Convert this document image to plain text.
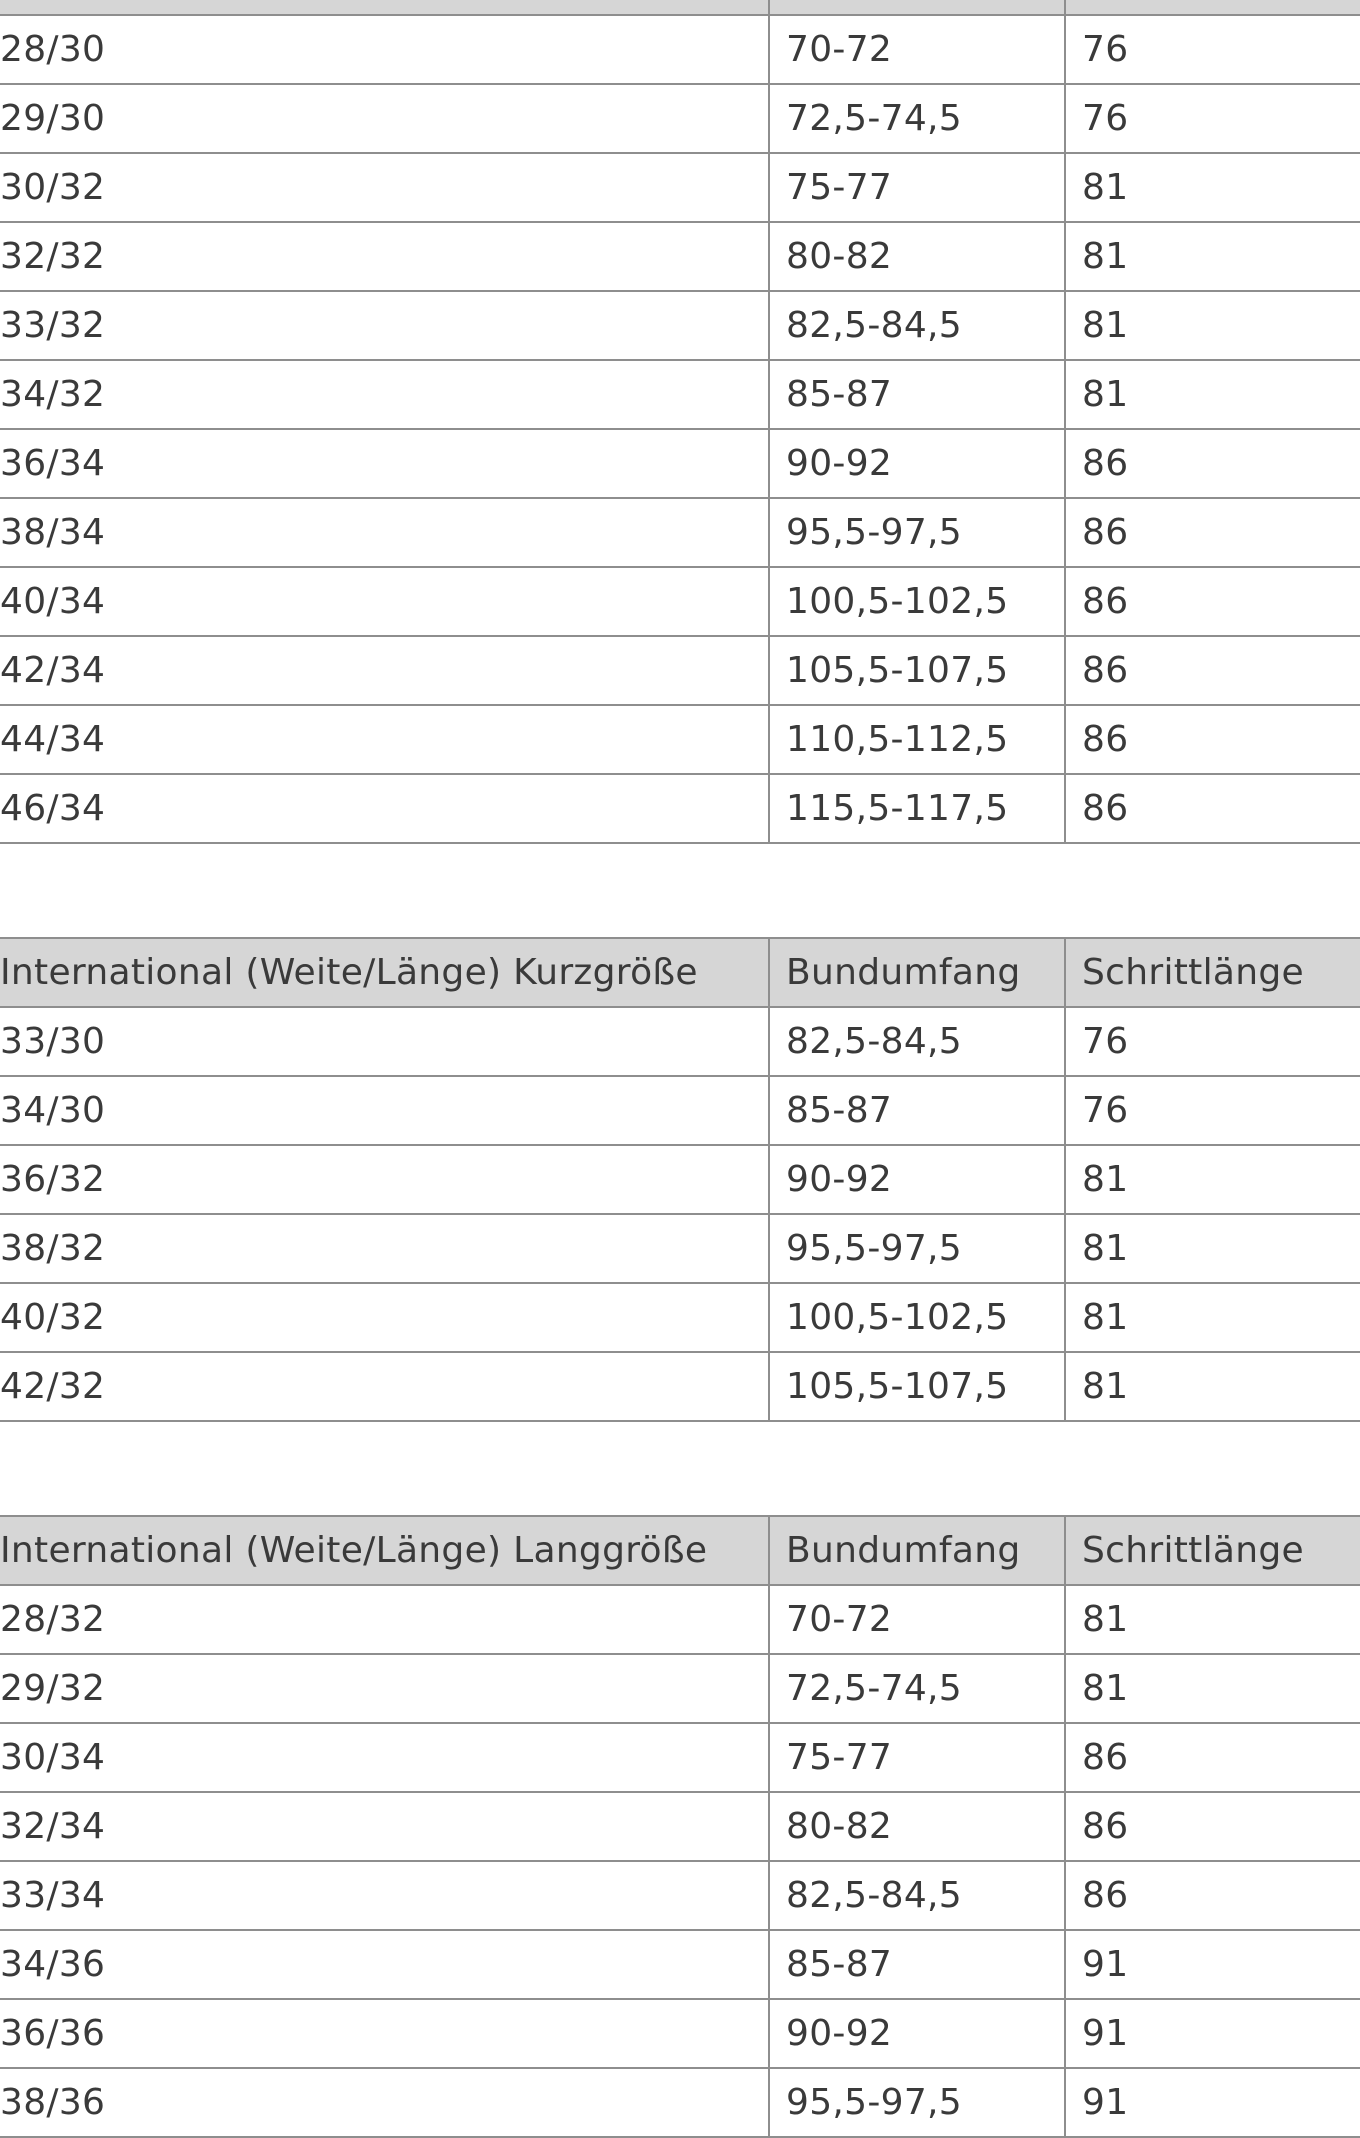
28/30	70-72	76
29/30	72,5-74,5	76
30/32	75-77	81
32/32	80-82	81
33/32	82,5-84,5	81
34/32	85-87	81
36/34	90-92	86
38/34	95,5-97,5	86
40/34	100,5-102,5	86
42/34	105,5-107,5	86
44/34	110,5-112,5	86
46/34	115,5-117,5	86
International (Weite/Länge) Kurzgröße	Bundumfang	Schrittlänge
33/30	82,5-84,5	76
34/30	85-87	76
36/32	90-92	81
38/32	95,5-97,5	81
40/32	100,5-102,5	81
42/32	105,5-107,5	81
International (Weite/Länge) Langgröße	Bundumfang	Schrittlänge
28/32	70-72	81
29/32	72,5-74,5	81
30/34	75-77	86
32/34	80-82	86
33/34	82,5-84,5	86
34/36	85-87	91
36/36	90-92	91
38/36	95,5-97,5	91
